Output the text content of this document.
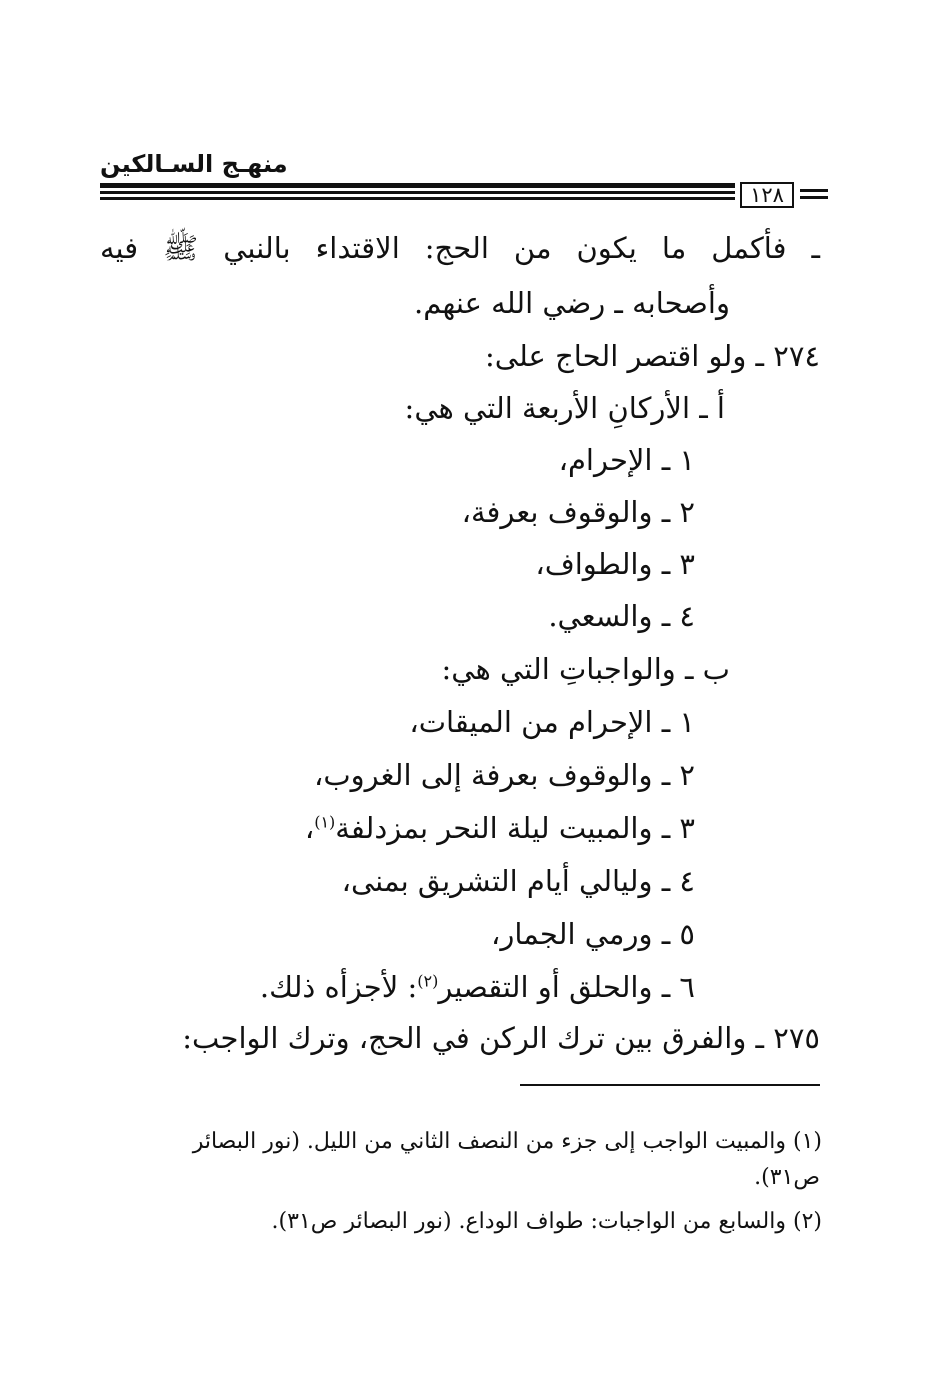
منهـج السـالكين
١٢٨
ـ فأكمل ما يكون من الحج: الاقتداء بالنبي ﷺ فيه
وأصحابه ـ رضي الله عنهم.
٢٧٤ ـ ولو اقتصر الحاج على:
أ ـ الأركانِ الأربعة التي هي:
١ ـ الإحرام،
٢ ـ والوقوف بعرفة،
٣ ـ والطواف،
٤ ـ والسعي.
ب ـ والواجباتِ التي هي:
١ ـ الإحرام من الميقات،
٢ ـ والوقوف بعرفة إلى الغروب،
٣ ـ والمبيت ليلة النحر بمزدلفة$^{(١)}$،
٤ ـ وليالي أيام التشريق بمنى،
٥ ـ ورمي الجمار،
٦ ـ والحلق أو التقصير$^{(٢)}$: لأجزأه ذلك.
٢٧٥ ـ والفرق بين ترك الركن في الحج، وترك الواجب:
(١) والمبيت الواجب إلى جزء من النصف الثاني من الليل. (نور البصائر
ص٣١).
(٢) والسابع من الواجبات: طواف الوداع. (نور البصائر ص٣١).
